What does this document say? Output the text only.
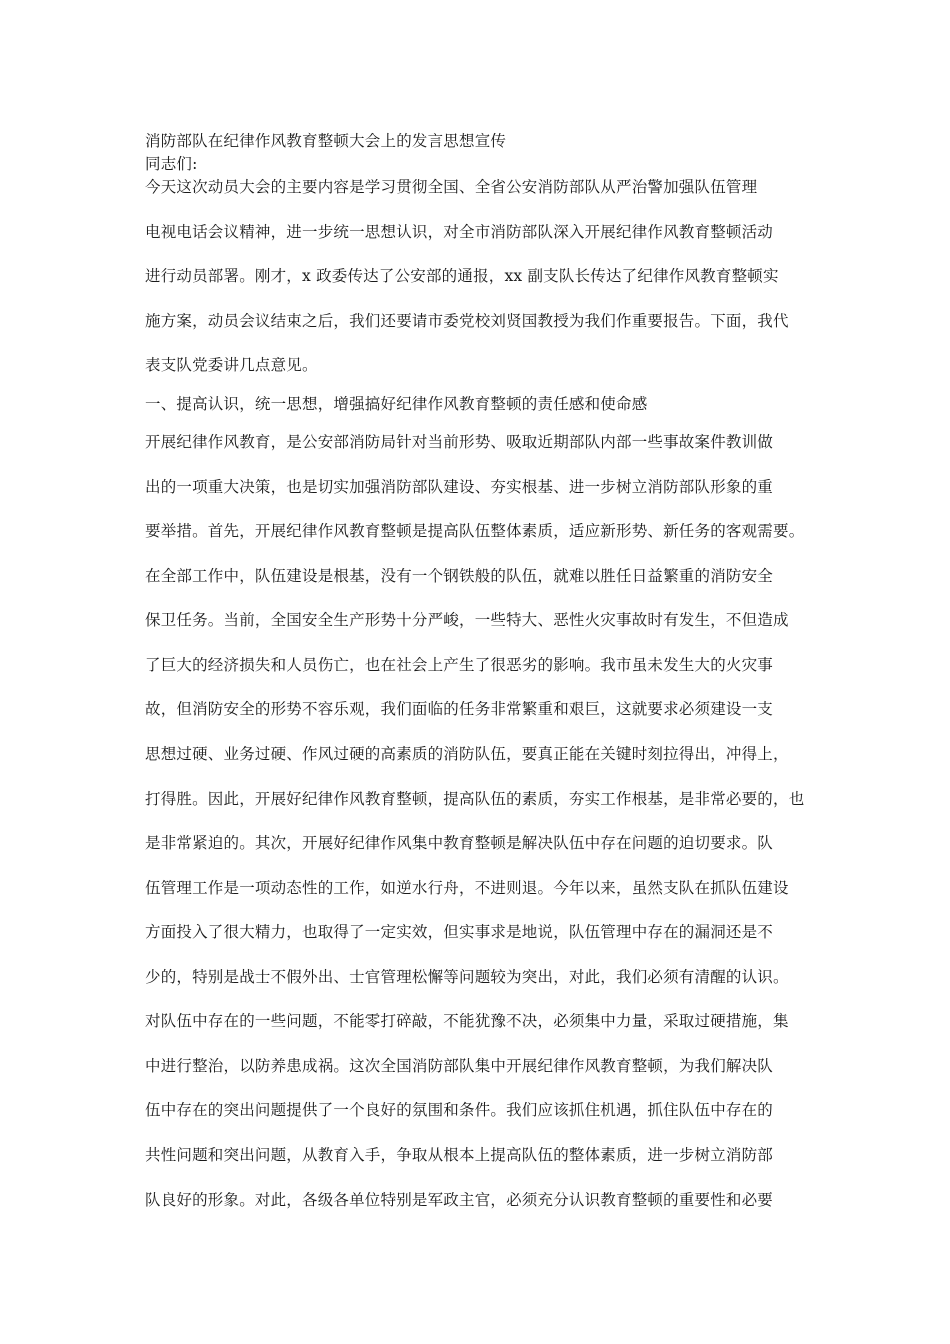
消防部队在纪律作风教育整顿大会上的发言思想宣传

同志们:

今天这次动员大会的主要内容是学习贯彻全国、全省公安消防部队从严治警加强队伍管理

电视电话会议精神，进一步统一思想认识，对全市消防部队深入开展纪律作风教育整顿活动

进行动员部署。刚才，x 政委传达了公安部的通报，xx 副支队长传达了纪律作风教育整顿实

施方案，动员会议结束之后，我们还要请市委党校刘贤国教授为我们作重要报告。下面，我代

表支队党委讲几点意见。

一、提高认识，统一思想，增强搞好纪律作风教育整顿的责任感和使命感

开展纪律作风教育，是公安部消防局针对当前形势、吸取近期部队内部一些事故案件教训做

出的一项重大决策，也是切实加强消防部队建设、夯实根基、进一步树立消防部队形象的重

要举措。首先，开展纪律作风教育整顿是提高队伍整体素质，适应新形势、新任务的客观需要。

在全部工作中，队伍建设是根基，没有一个钢铁般的队伍，就难以胜任日益繁重的消防安全

保卫任务。当前，全国安全生产形势十分严峻，一些特大、恶性火灾事故时有发生，不但造成

了巨大的经济损失和人员伤亡，也在社会上产生了很恶劣的影响。我市虽未发生大的火灾事

故，但消防安全的形势不容乐观，我们面临的任务非常繁重和艰巨，这就要求必须建设一支

思想过硬、业务过硬、作风过硬的高素质的消防队伍，要真正能在关键时刻拉得出，冲得上，

打得胜。因此，开展好纪律作风教育整顿，提高队伍的素质，夯实工作根基，是非常必要的，也

是非常紧迫的。其次，开展好纪律作风集中教育整顿是解决队伍中存在问题的迫切要求。队

伍管理工作是一项动态性的工作，如逆水行舟，不进则退。今年以来，虽然支队在抓队伍建设

方面投入了很大精力，也取得了一定实效，但实事求是地说，队伍管理中存在的漏洞还是不

少的，特别是战士不假外出、士官管理松懈等问题较为突出，对此，我们必须有清醒的认识。

对队伍中存在的一些问题，不能零打碎敲，不能犹豫不决，必须集中力量，采取过硬措施，集

中进行整治，以防养患成祸。这次全国消防部队集中开展纪律作风教育整顿，为我们解决队

伍中存在的突出问题提供了一个良好的氛围和条件。我们应该抓住机遇，抓住队伍中存在的

共性问题和突出问题，从教育入手，争取从根本上提高队伍的整体素质，进一步树立消防部

队良好的形象。对此，各级各单位特别是军政主官，必须充分认识教育整顿的重要性和必要
